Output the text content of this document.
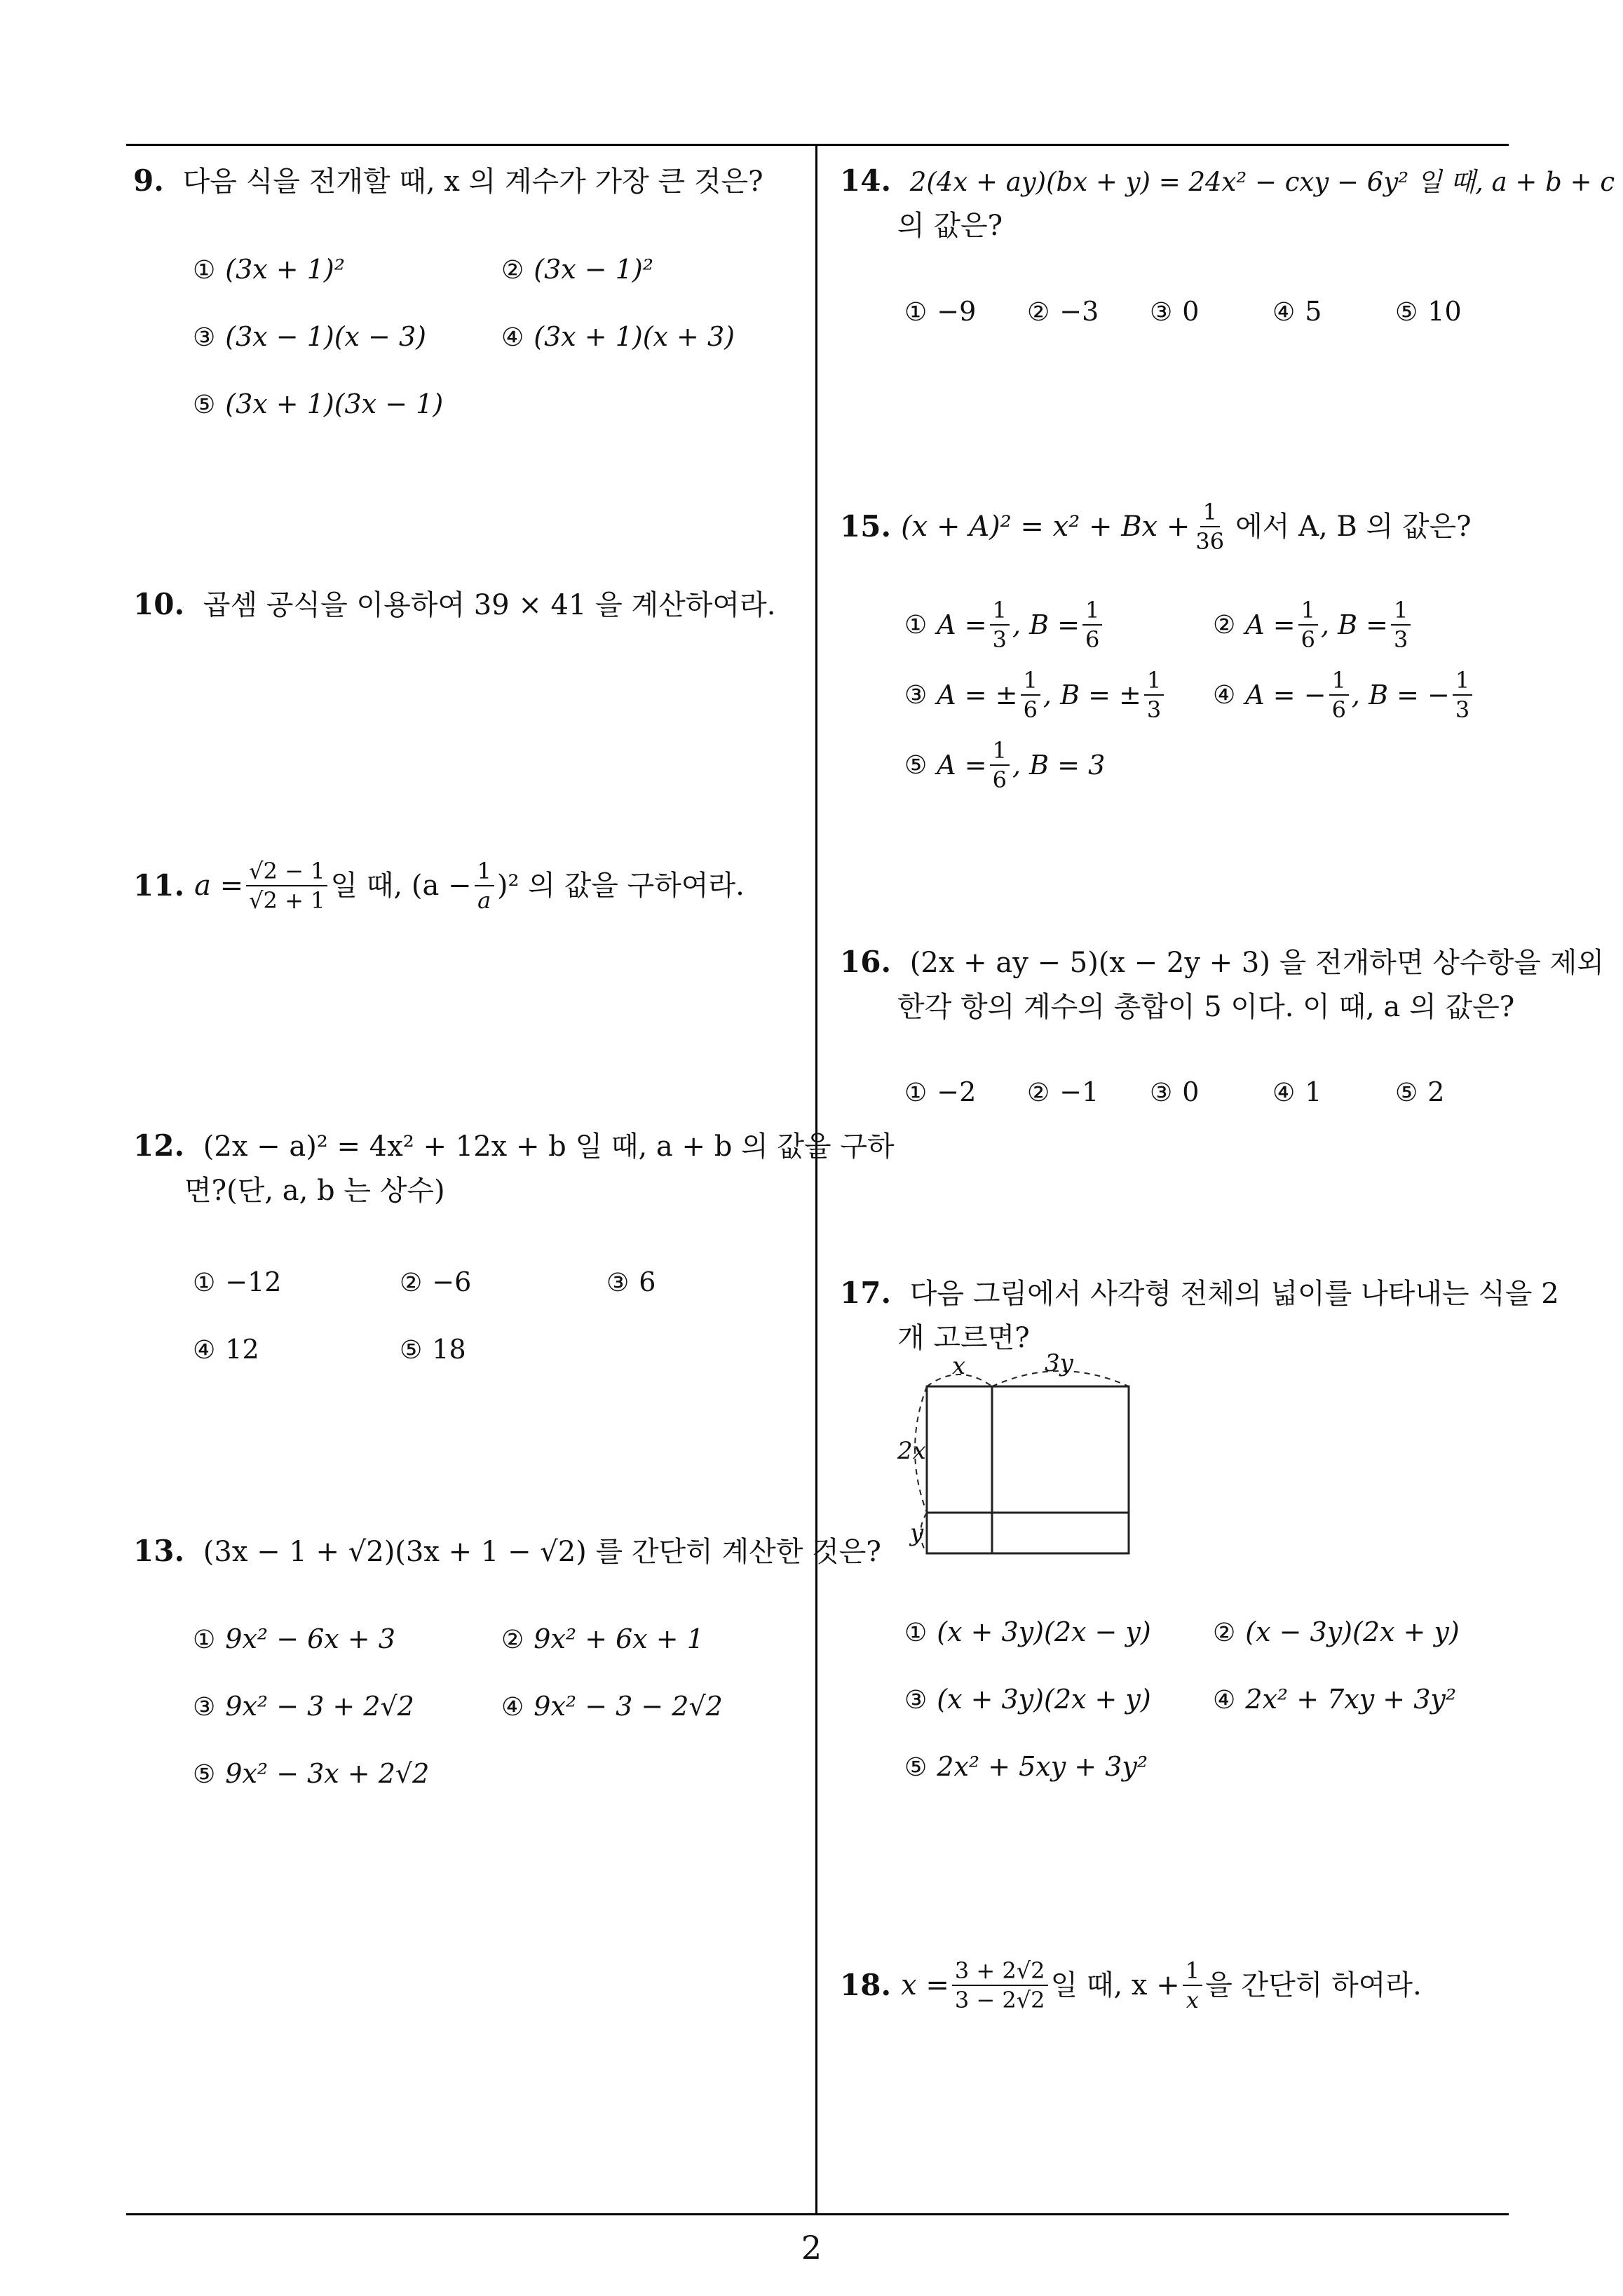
9. 다음 식을 전개할 때, x 의 계수가 가장 큰 것은?
① (3x + 1)²	② (3x − 1)²
③ (3x − 1)(x − 3)	④ (3x + 1)(x + 3)
⑤ (3x + 1)(3x − 1)
10. 곱셈 공식을 이용하여 39 × 41 을 계산하여라.
11. $a = \frac{√2 - 1}{√2 + 1}$ 일 때, $(a - \frac{1}{a} )^2$ 의 값을 구하여라.
12. (2x − a)² = 4x² + 12x + b 일 때, a + b 의 값을 구하
면?(단, a, b 는 상수)
① −12	② −6	③ 6
④ 12	⑤ 18
13. (3x − 1 + √2)(3x + 1 − √2) 를 간단히 계산한 것은?
① 9x² − 6x + 3	② 9x² + 6x + 1
③ 9x² − 3 + 2√2	④ 9x² − 3 − 2√2
⑤ 9x² − 3x + 2√2
14. 2(4x + ay)(bx + y) = 24x² − cxy − 6y² 일 때, a + b + c
의 값은?
① −9 ② −3 ③ 0	④ 5	⑤ 10
15. $(x + A)^2 = x^2 + Bx + \frac{1}{36}$ 에서 A, B 의 값은?
① $A = \frac{1}{3}$ , $B = \frac{1}{6}$	② $A = \frac{1}{6}$ , $B = \frac{1}{3}$
③ A = ± $\frac{1}{6}$ , B = ± $\frac{1}{3}$ ④ A = − $\frac{1}{6}$ , B = − $\frac{1}{3}$
⑤ $A = \frac{1}{6}$ , B = 3
16. (2x + ay − 5)(x − 2y + 3) 을 전개하면 상수항을 제외
한각 항의 계수의 총합이 5 이다. 이 때, a 의 값은?
① −2 ② −1 ③ 0	④ 1	⑤ 2
17. 다음 그림에서 사각형 전체의 넓이를 나타내는 식을 2
개 고르면?
x	3y
2x
y
① (x + 3y)(2x − y) ② (x − 3y)(2x + y)
③ (x + 3y)(2x + y) ④ 2x² + 7xy + 3y²
⑤ 2x² + 5xy + 3y²
18. $x = \frac{3 + 2√2}{3 - 2√2}$ 일 때, $x + \frac{1}{x}$ 을 간단히 하여라.
2
